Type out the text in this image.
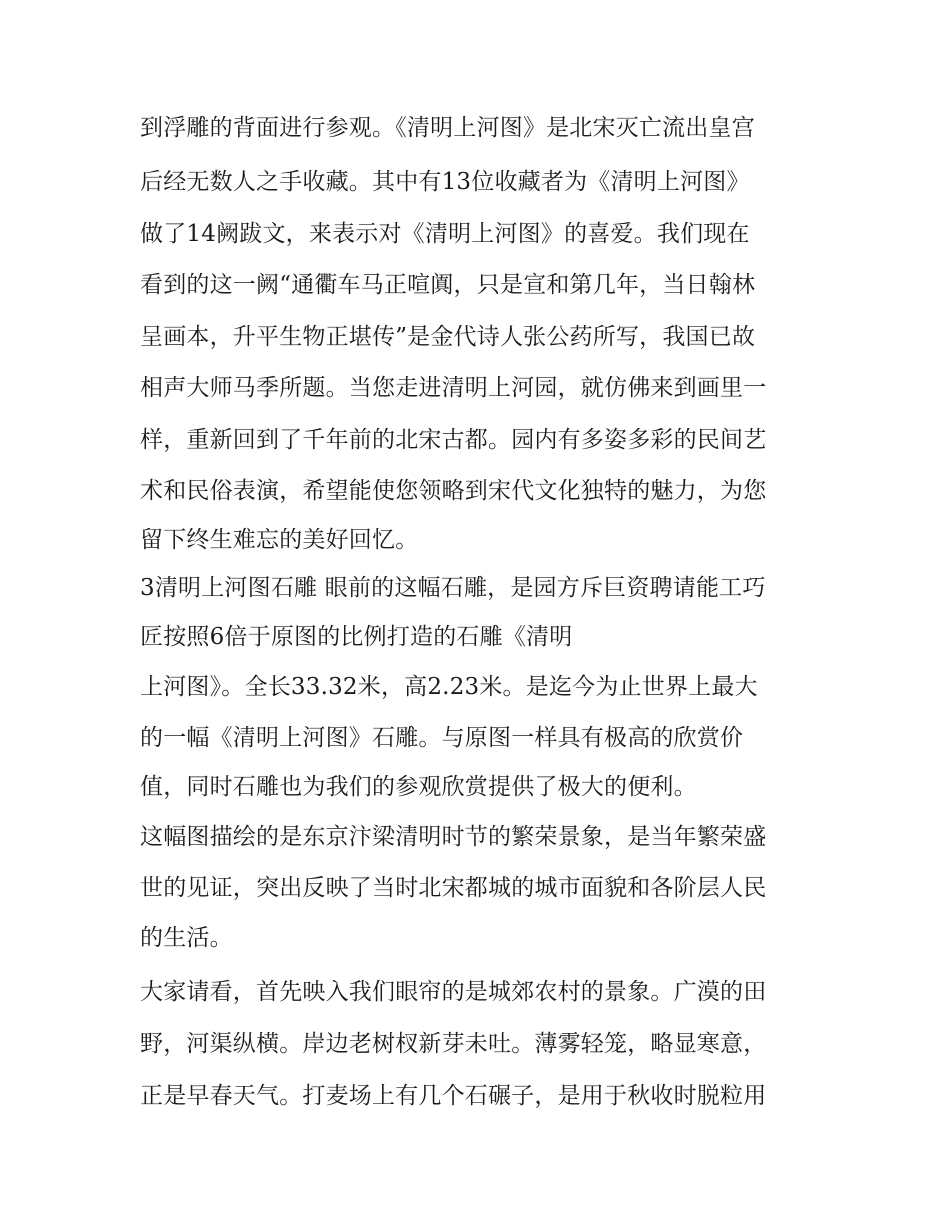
到浮雕的背面进行参观。《清明上河图》是北宋灭亡流出皇宫
后经无数人之手收藏。其中有13位收藏者为《清明上河图》
做了14阙跋文，来表示对《清明上河图》的喜爱。我们现在
看到的这一阙“通衢车马正喧阗，只是宣和第几年，当日翰林
呈画本，升平生物正堪传”是金代诗人张公药所写，我国已故
相声大师马季所题。当您走进清明上河园，就仿佛来到画里一
样，重新回到了千年前的北宋古都。园内有多姿多彩的民间艺
术和民俗表演，希望能使您领略到宋代文化独特的魅力，为您
留下终生难忘的美好回忆。
3清明上河图石雕 眼前的这幅石雕，是园方斥巨资聘请能工巧
匠按照6倍于原图的比例打造的石雕《清明
上河图》。全长33.32米，高2.23米。是迄今为止世界上最大
的一幅《清明上河图》石雕。与原图一样具有极高的欣赏价
值，同时石雕也为我们的参观欣赏提供了极大的便利。
这幅图描绘的是东京汴梁清明时节的繁荣景象，是当年繁荣盛
世的见证，突出反映了当时北宋都城的城市面貌和各阶层人民
的生活。
大家请看，首先映入我们眼帘的是城郊农村的景象。广漠的田
野，河渠纵横。岸边老树杈新芽未吐。薄雾轻笼，略显寒意，
正是早春天气。打麦场上有几个石碾子，是用于秋收时脱粒用
